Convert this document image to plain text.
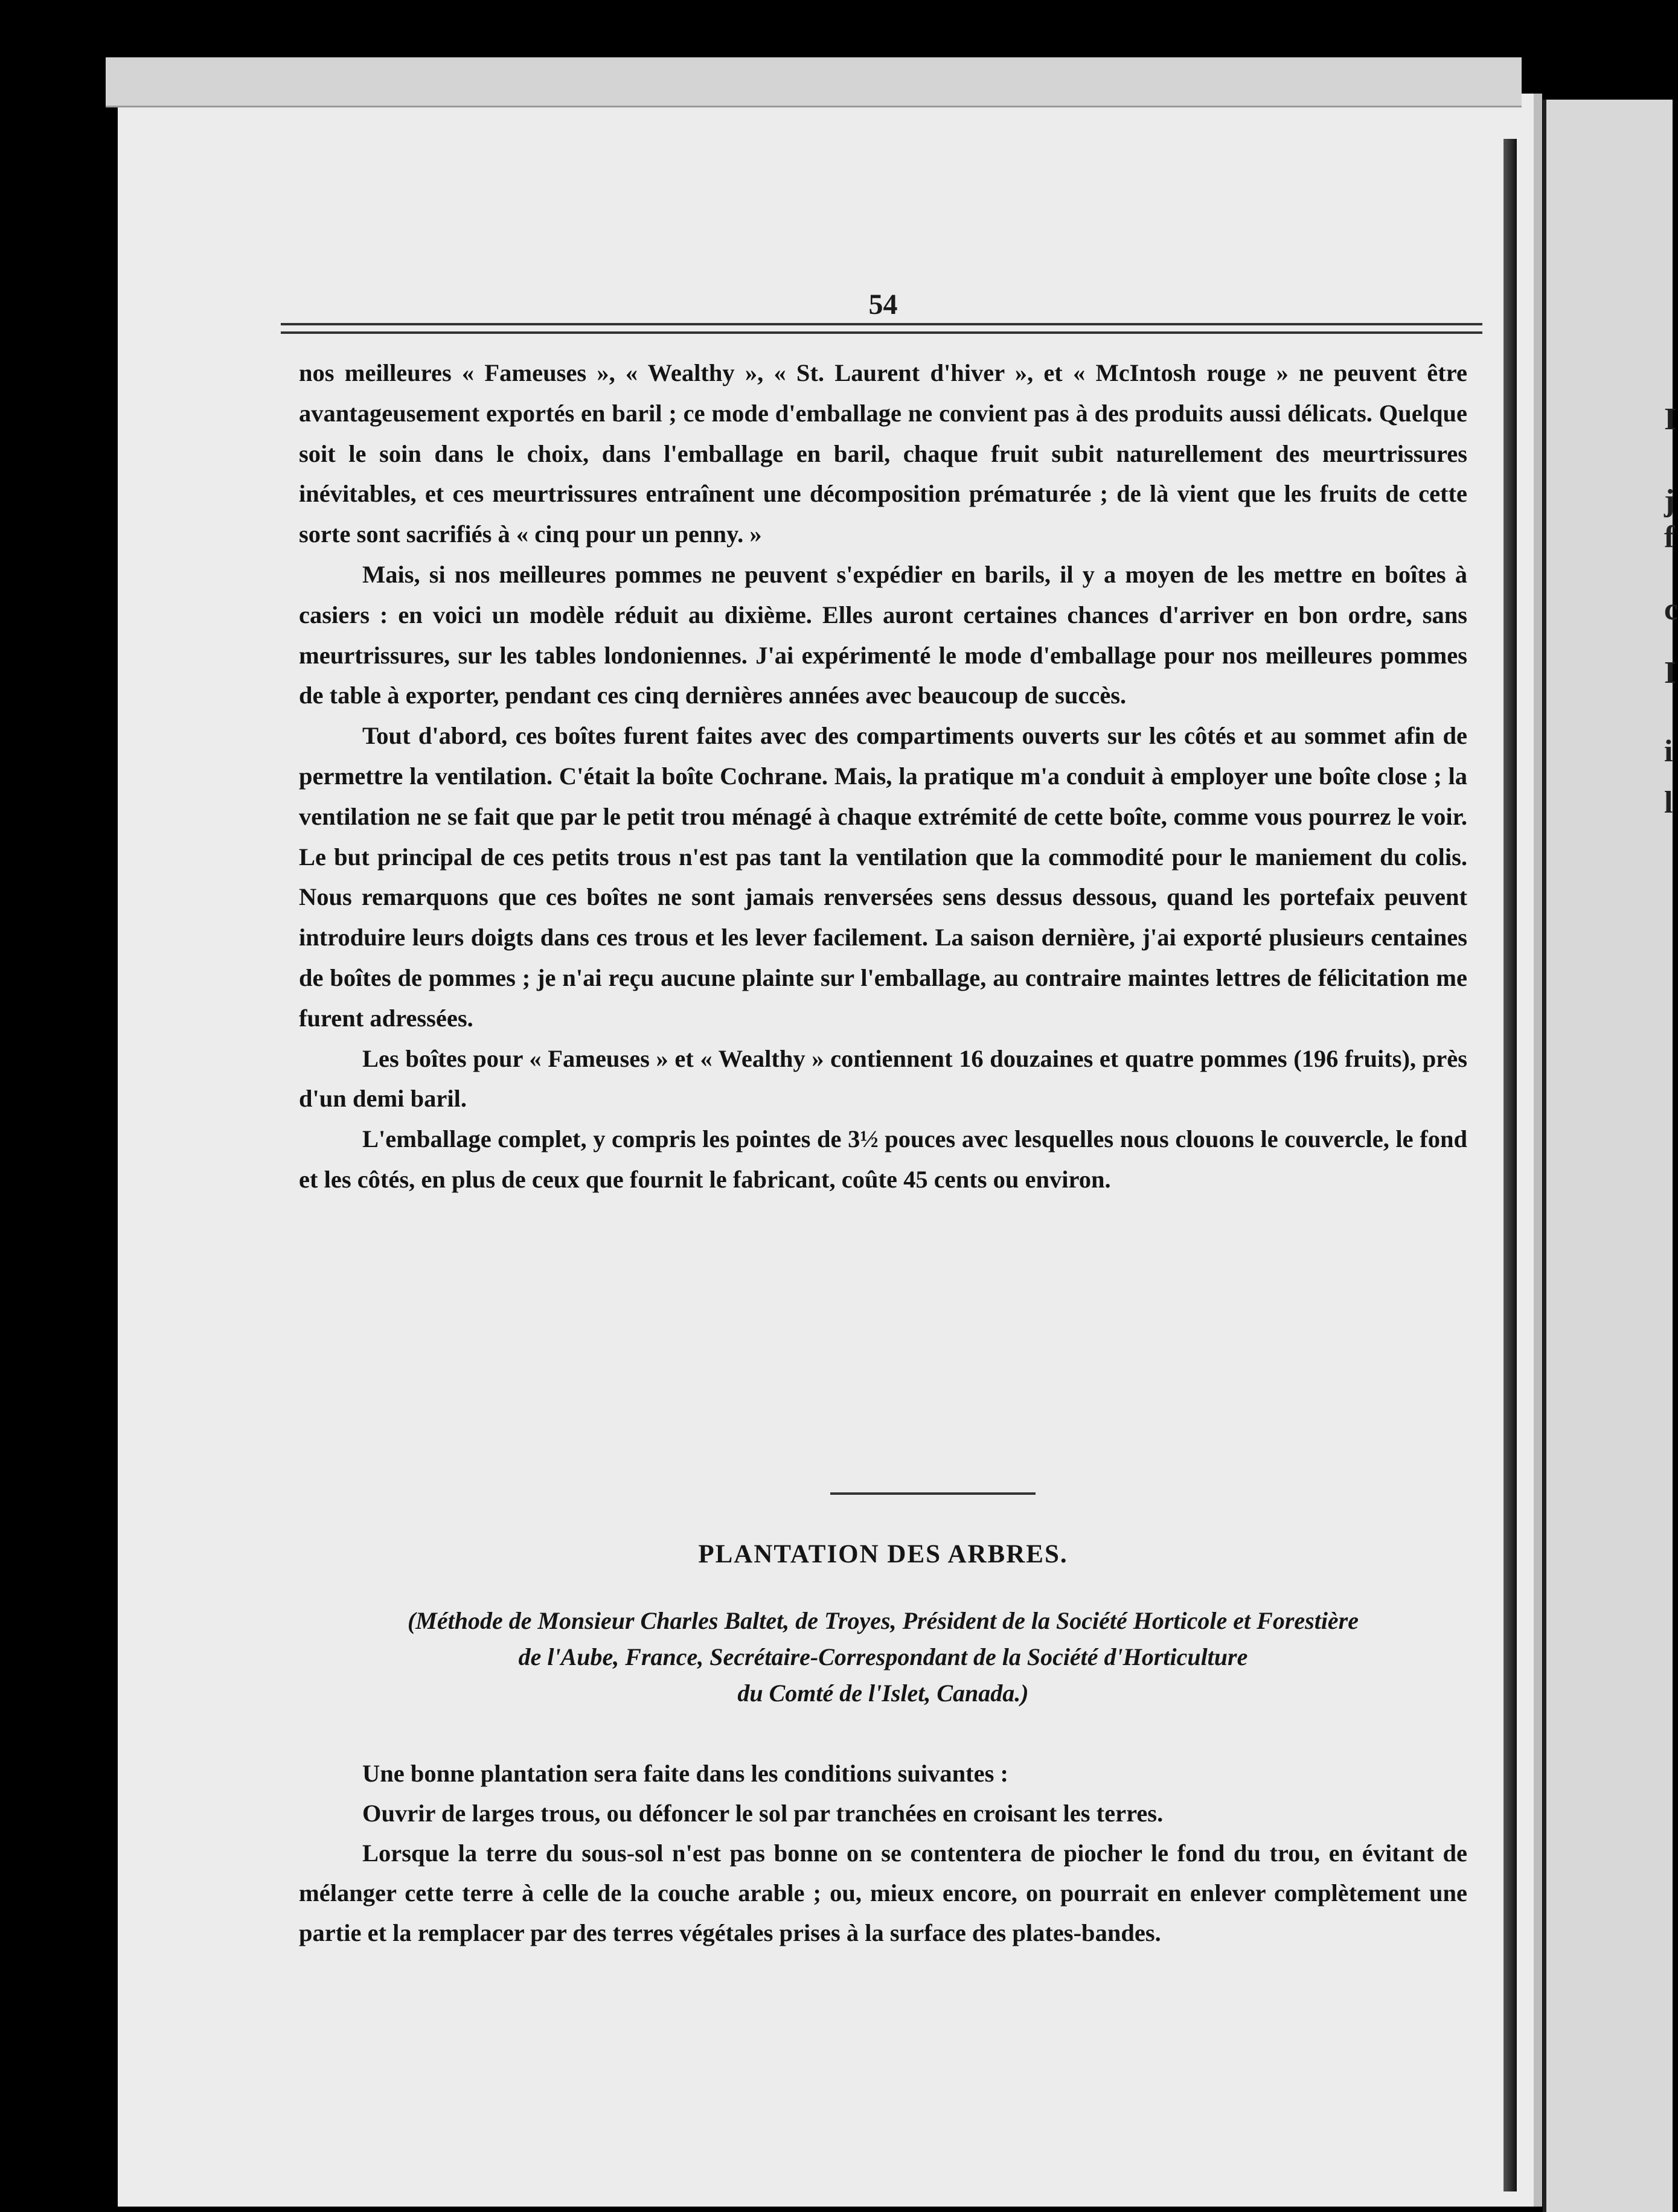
54

nos meilleures « Fameuses », « Wealthy », « St. Laurent d'hiver », et « McIntosh rouge » ne peuvent être avantageusement exportés en baril ; ce mode d'emballage ne convient pas à des produits aussi délicats. Quelque soit le soin dans le choix, dans l'emballage en baril, chaque fruit subit naturellement des meurtrissures inévitables, et ces meurtrissures entraînent une décomposition prématurée ; de là vient que les fruits de cette sorte sont sacrifiés à « cinq pour un penny. »

Mais, si nos meilleures pommes ne peuvent s'expédier en barils, il y a moyen de les mettre en boîtes à casiers : en voici un modèle réduit au dixième. Elles auront certaines chances d'arriver en bon ordre, sans meurtrissures, sur les tables londoniennes. J'ai expérimenté le mode d'emballage pour nos meilleures pommes de table à exporter, pendant ces cinq dernières années avec beaucoup de succès.

Tout d'abord, ces boîtes furent faites avec des compartiments ouverts sur les côtés et au sommet afin de permettre la ventilation. C'était la boîte Cochrane. Mais, la pratique m'a conduit à employer une boîte close ; la ventilation ne se fait que par le petit trou ménagé à chaque extrémité de cette boîte, comme vous pourrez le voir. Le but principal de ces petits trous n'est pas tant la ventilation que la commodité pour le maniement du colis. Nous remarquons que ces boîtes ne sont jamais renversées sens dessus dessous, quand les portefaix peuvent introduire leurs doigts dans ces trous et les lever facilement. La saison dernière, j'ai exporté plusieurs centaines de boîtes de pommes ; je n'ai reçu aucune plainte sur l'emballage, au contraire maintes lettres de félicitation me furent adressées.

Les boîtes pour « Fameuses » et « Wealthy » contiennent 16 douzaines et quatre pommes (196 fruits), près d'un demi baril.

L'emballage complet, y compris les pointes de 3½ pouces avec lesquelles nous clouons le couvercle, le fond et les côtés, en plus de ceux que fournit le fabricant, coûte 45 cents ou environ.

PLANTATION DES ARBRES.
(Méthode de Monsieur Charles Baltet, de Troyes, Président de la Société Horticole et Forestière
de l'Aube, France, Secrétaire-Correspondant de la Société d'Horticulture
du Comté de l'Islet, Canada.)

Une bonne plantation sera faite dans les conditions suivantes :

Ouvrir de larges trous, ou défoncer le sol par tranchées en croisant les terres.

Lorsque la terre du sous-sol n'est pas bonne on se contentera de piocher le fond du trou, en évitant de mélanger cette terre à celle de la couche arable ; ou, mieux encore, on pourrait en enlever complètement une partie et la remplacer par des terres végétales prises à la surface des plates-bandes.

I
j
f
c
I
i
l
